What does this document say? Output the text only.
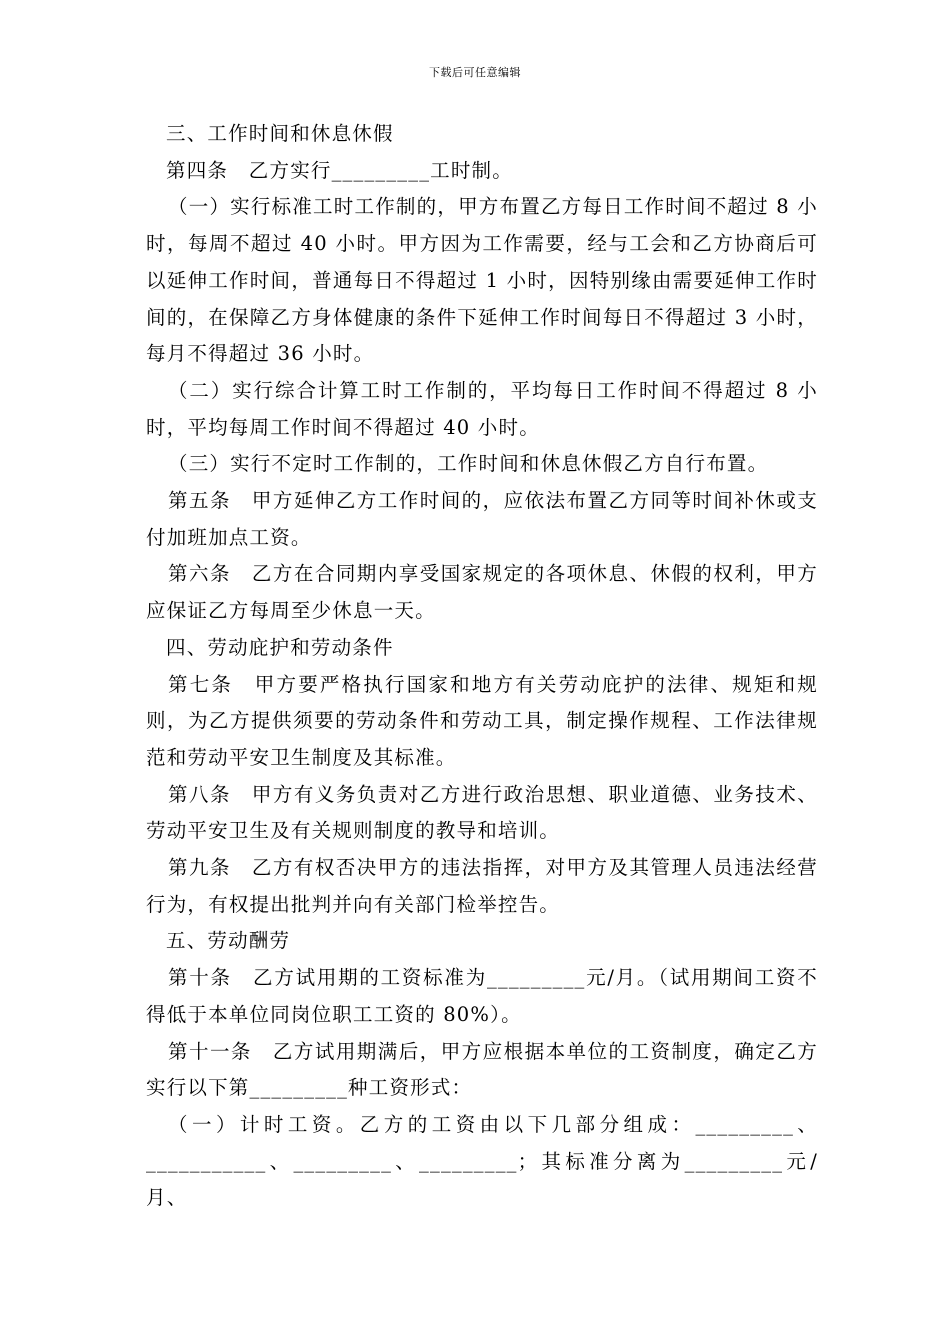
下载后可任意编辑

三、工作时间和休息休假

第四条　乙方实行_________工时制。

（一）实行标准工时工作制的，甲方布置乙方每日工作时间不超过 8 小时，每周不超过 40 小时。甲方因为工作需要，经与工会和乙方协商后可以延伸工作时间，普通每日不得超过 1 小时，因特别缘由需要延伸工作时间的，在保障乙方身体健康的条件下延伸工作时间每日不得超过 3 小时，每月不得超过 36 小时。

（二）实行综合计算工时工作制的，平均每日工作时间不得超过 8 小时，平均每周工作时间不得超过 40 小时。

（三）实行不定时工作制的，工作时间和休息休假乙方自行布置。

第五条　甲方延伸乙方工作时间的，应依法布置乙方同等时间补休或支付加班加点工资。

第六条　乙方在合同期内享受国家规定的各项休息、休假的权利，甲方应保证乙方每周至少休息一天。

四、劳动庇护和劳动条件

第七条　甲方要严格执行国家和地方有关劳动庇护的法律、规矩和规则，为乙方提供须要的劳动条件和劳动工具，制定操作规程、工作法律规范和劳动平安卫生制度及其标准。

第八条　甲方有义务负责对乙方进行政治思想、职业道德、业务技术、劳动平安卫生及有关规则制度的教导和培训。

第九条　乙方有权否决甲方的违法指挥，对甲方及其管理人员违法经营行为，有权提出批判并向有关部门检举控告。

五、劳动酬劳

第十条　乙方试用期的工资标准为_________元/月。（试用期间工资不得低于本单位同岗位职工工资的 80%）。

第十一条　乙方试用期满后，甲方应根据本单位的工资制度，确定乙方实行以下第_________种工资形式：

（一）计时工资。乙方的工资由以下几部分组成：_________、___________、_________、_________；其标准分离为_________元/月、
